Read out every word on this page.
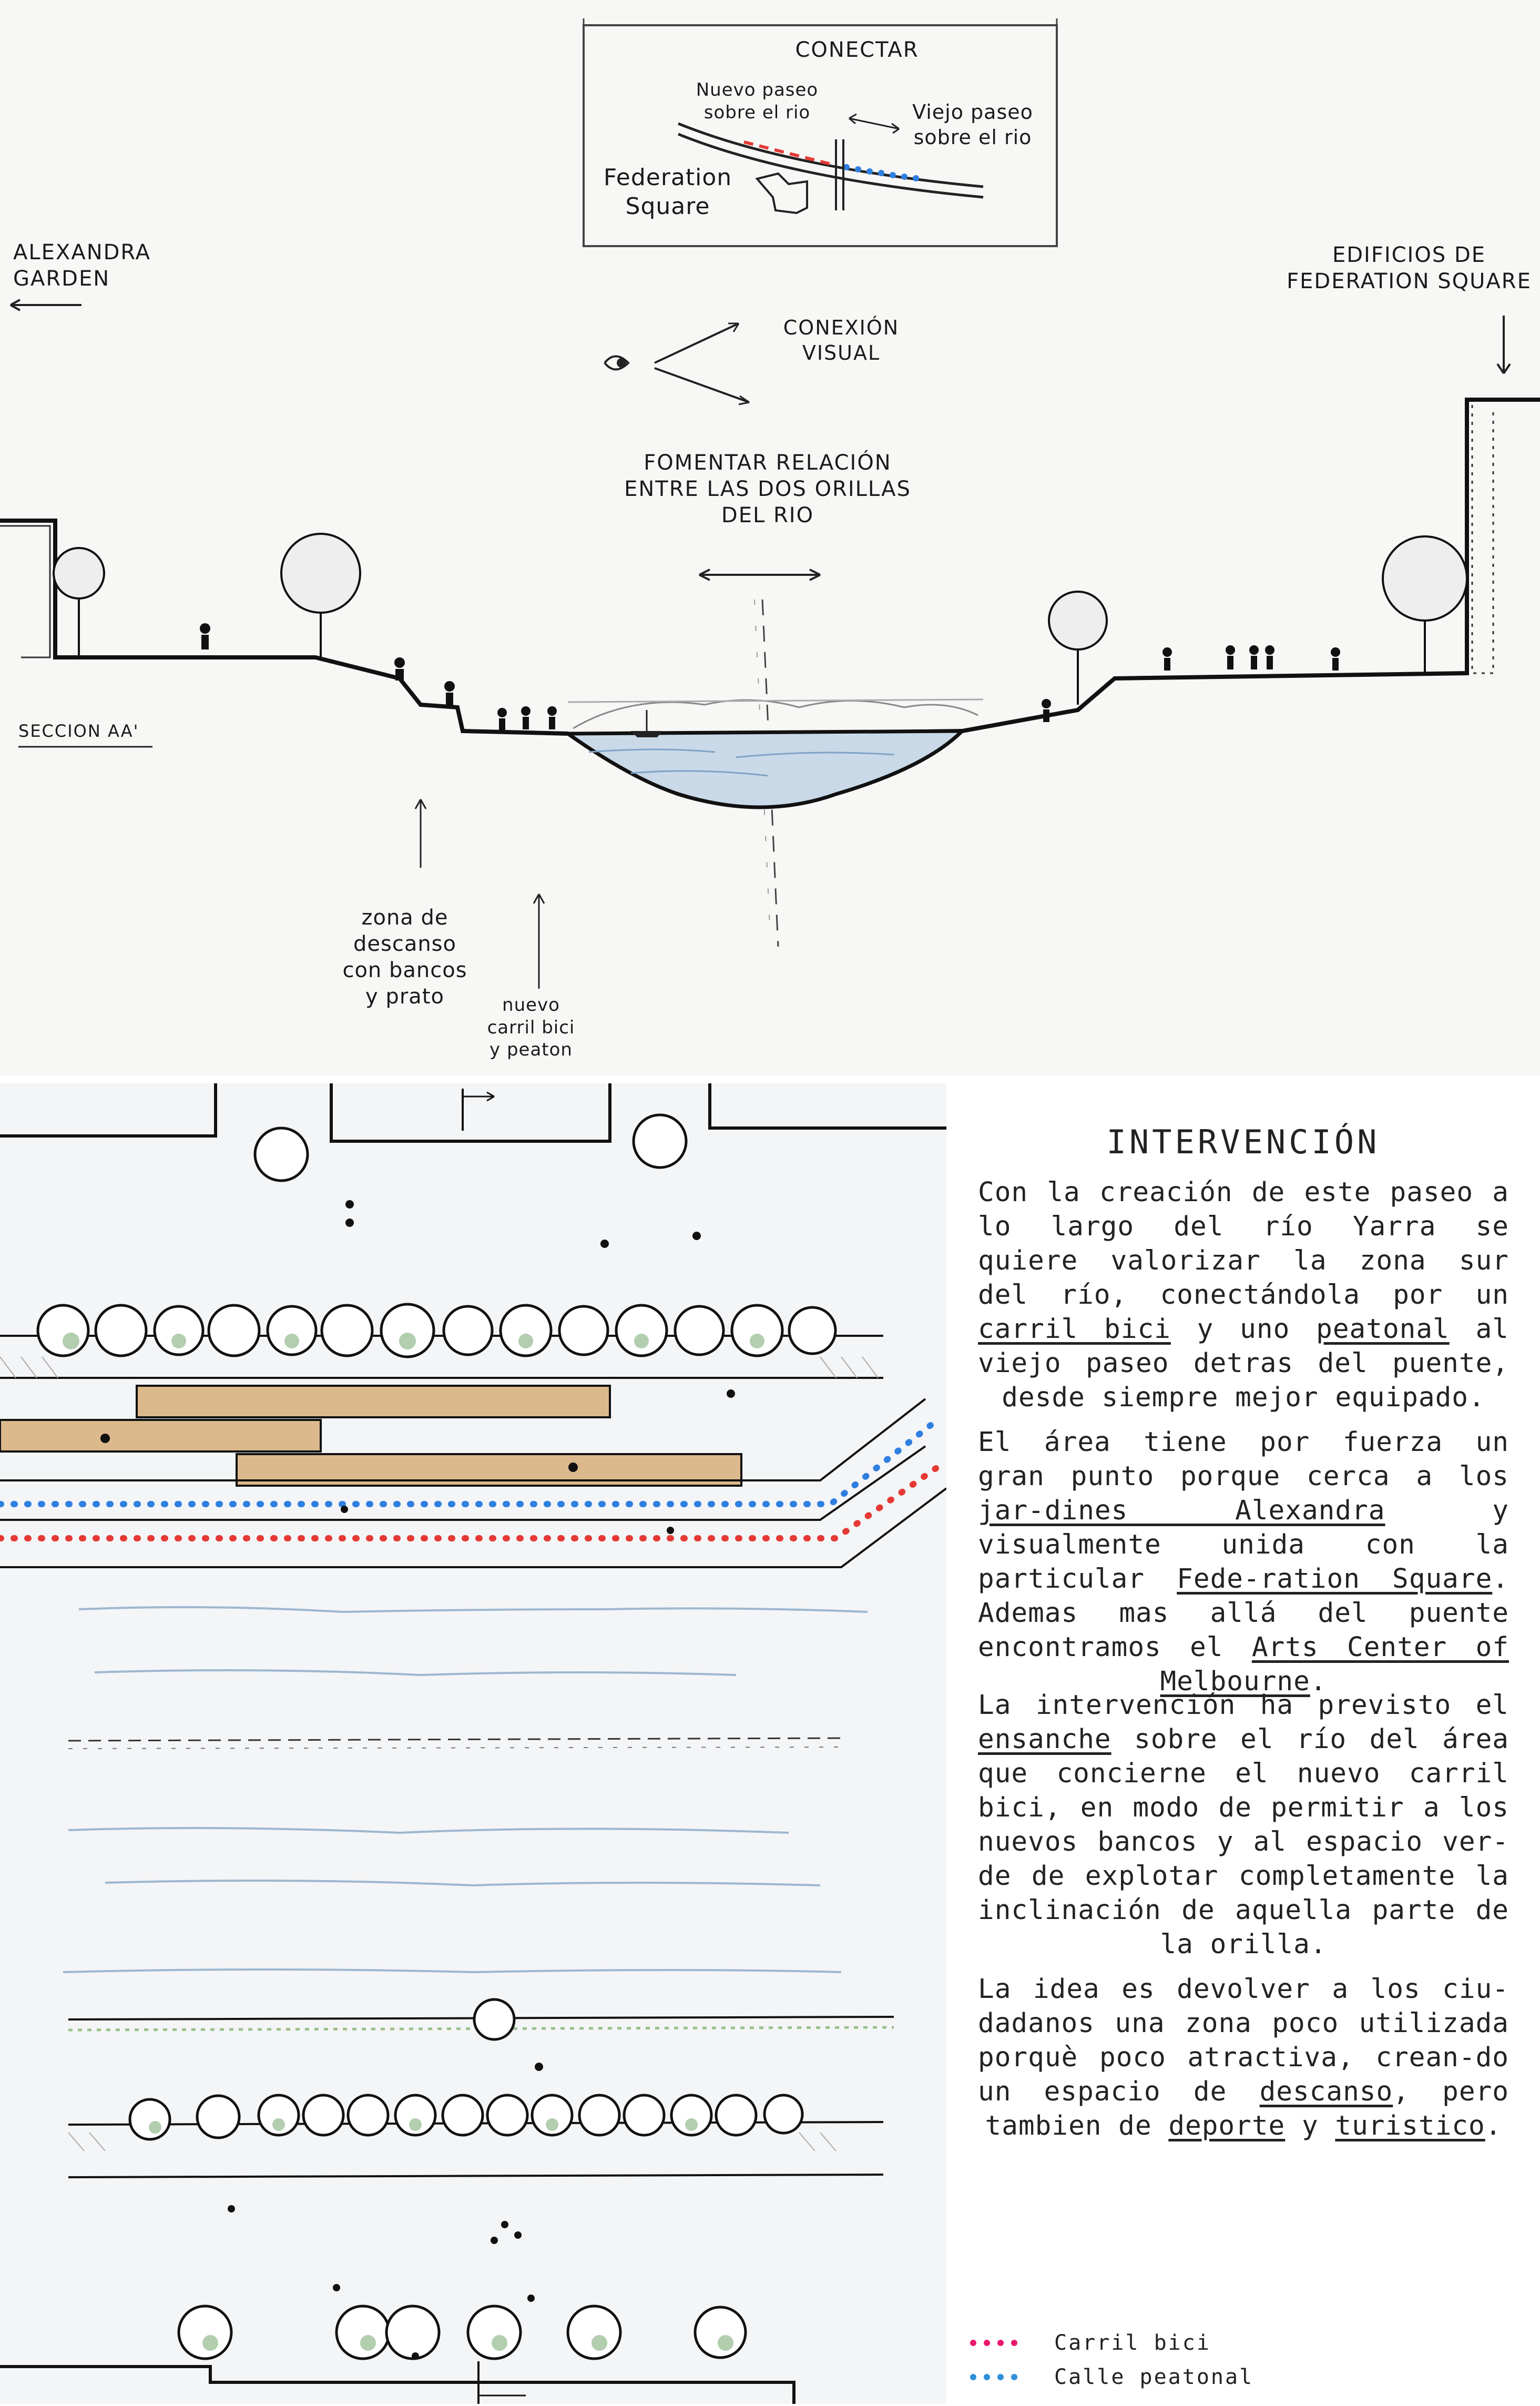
CONECTAR
Nuevo paseo
sobre el rio	Viejo paseo
sobre el rio
Federation
Square
ALEXANDRA
GARDEN
EDIFICIOS DE
FEDERATION SQUARE
CONEXIÓN
VISUAL
FOMENTAR RELACIÓN
ENTRE LAS DOS ORILLAS
DEL RIO
SECCION AA'
zona de descanso
con bancos
y prato	nuevo
carril bici
y peaton
INTERVENCIÓN
Con la creación de este paseo a lo largo del río Yarra se quiere valorizar la zona sur del río, conectándola por un carril bici y uno peatonal al viejo paseo detras del puente, desde siempre mejor equipado.
El área tiene por fuerza un gran punto porque cerca a los jar-dines Alexandra y visualmente unida con la particular Fede-ration Square. Ademas mas allá del puente encontramos el Arts Center of Melbourne.
La intervención ha previsto el ensanche sobre el río del área que concierne el nuevo carril bici, en modo de permitir a los nuevos bancos y al espacio ver-de de explotar completamente la inclinación de aquella parte de la orilla.
La idea es devolver a los ciu-dadanos una zona poco utilizada porquè poco atractiva, crean-do un espacio de descanso, pero tambien de deporte y turistico.
Carril bici
Calle peatonal
